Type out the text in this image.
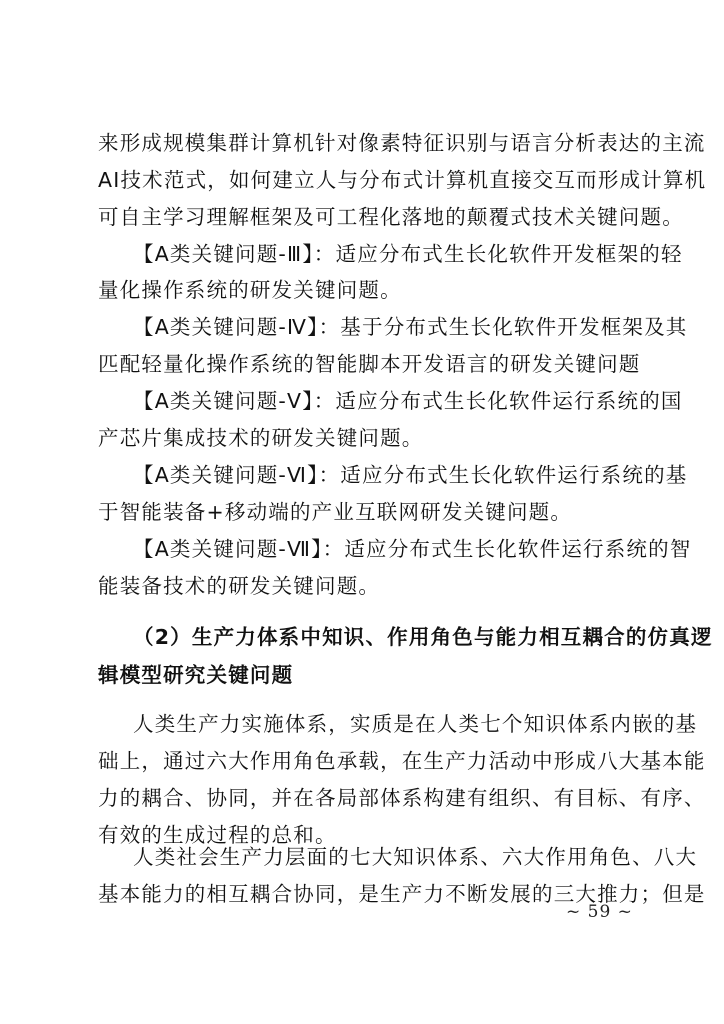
来形成规模集群计算机针对像素特征识别与语言分析表达的主流
AI技术范式，如何建立人与分布式计算机直接交互而形成计算机
可自主学习理解框架及可工程化落地的颠覆式技术关键问题。
【A类关键问题-Ⅲ】：适应分布式生长化软件开发框架的轻
量化操作系统的研发关键问题。
【A类关键问题-Ⅳ】：基于分布式生长化软件开发框架及其
匹配轻量化操作系统的智能脚本开发语言的研发关键问题
【A类关键问题-Ⅴ】：适应分布式生长化软件运行系统的国
产芯片集成技术的研发关键问题。
【A类关键问题-Ⅵ】：适应分布式生长化软件运行系统的基
于智能装备+移动端的产业互联网研发关键问题。
【A类关键问题-Ⅶ】：适应分布式生长化软件运行系统的智
能装备技术的研发关键问题。
（2）生产力体系中知识、作用角色与能力相互耦合的仿真逻
辑模型研究关键问题
人类生产力实施体系，实质是在人类七个知识体系内嵌的基
础上，通过六大作用角色承载，在生产力活动中形成八大基本能
力的耦合、协同，并在各局部体系构建有组织、有目标、有序、
有效的生成过程的总和。
人类社会生产力层面的七大知识体系、六大作用角色、八大
基本能力的相互耦合协同，是生产力不断发展的三大推力；但是
~ 59 ~
